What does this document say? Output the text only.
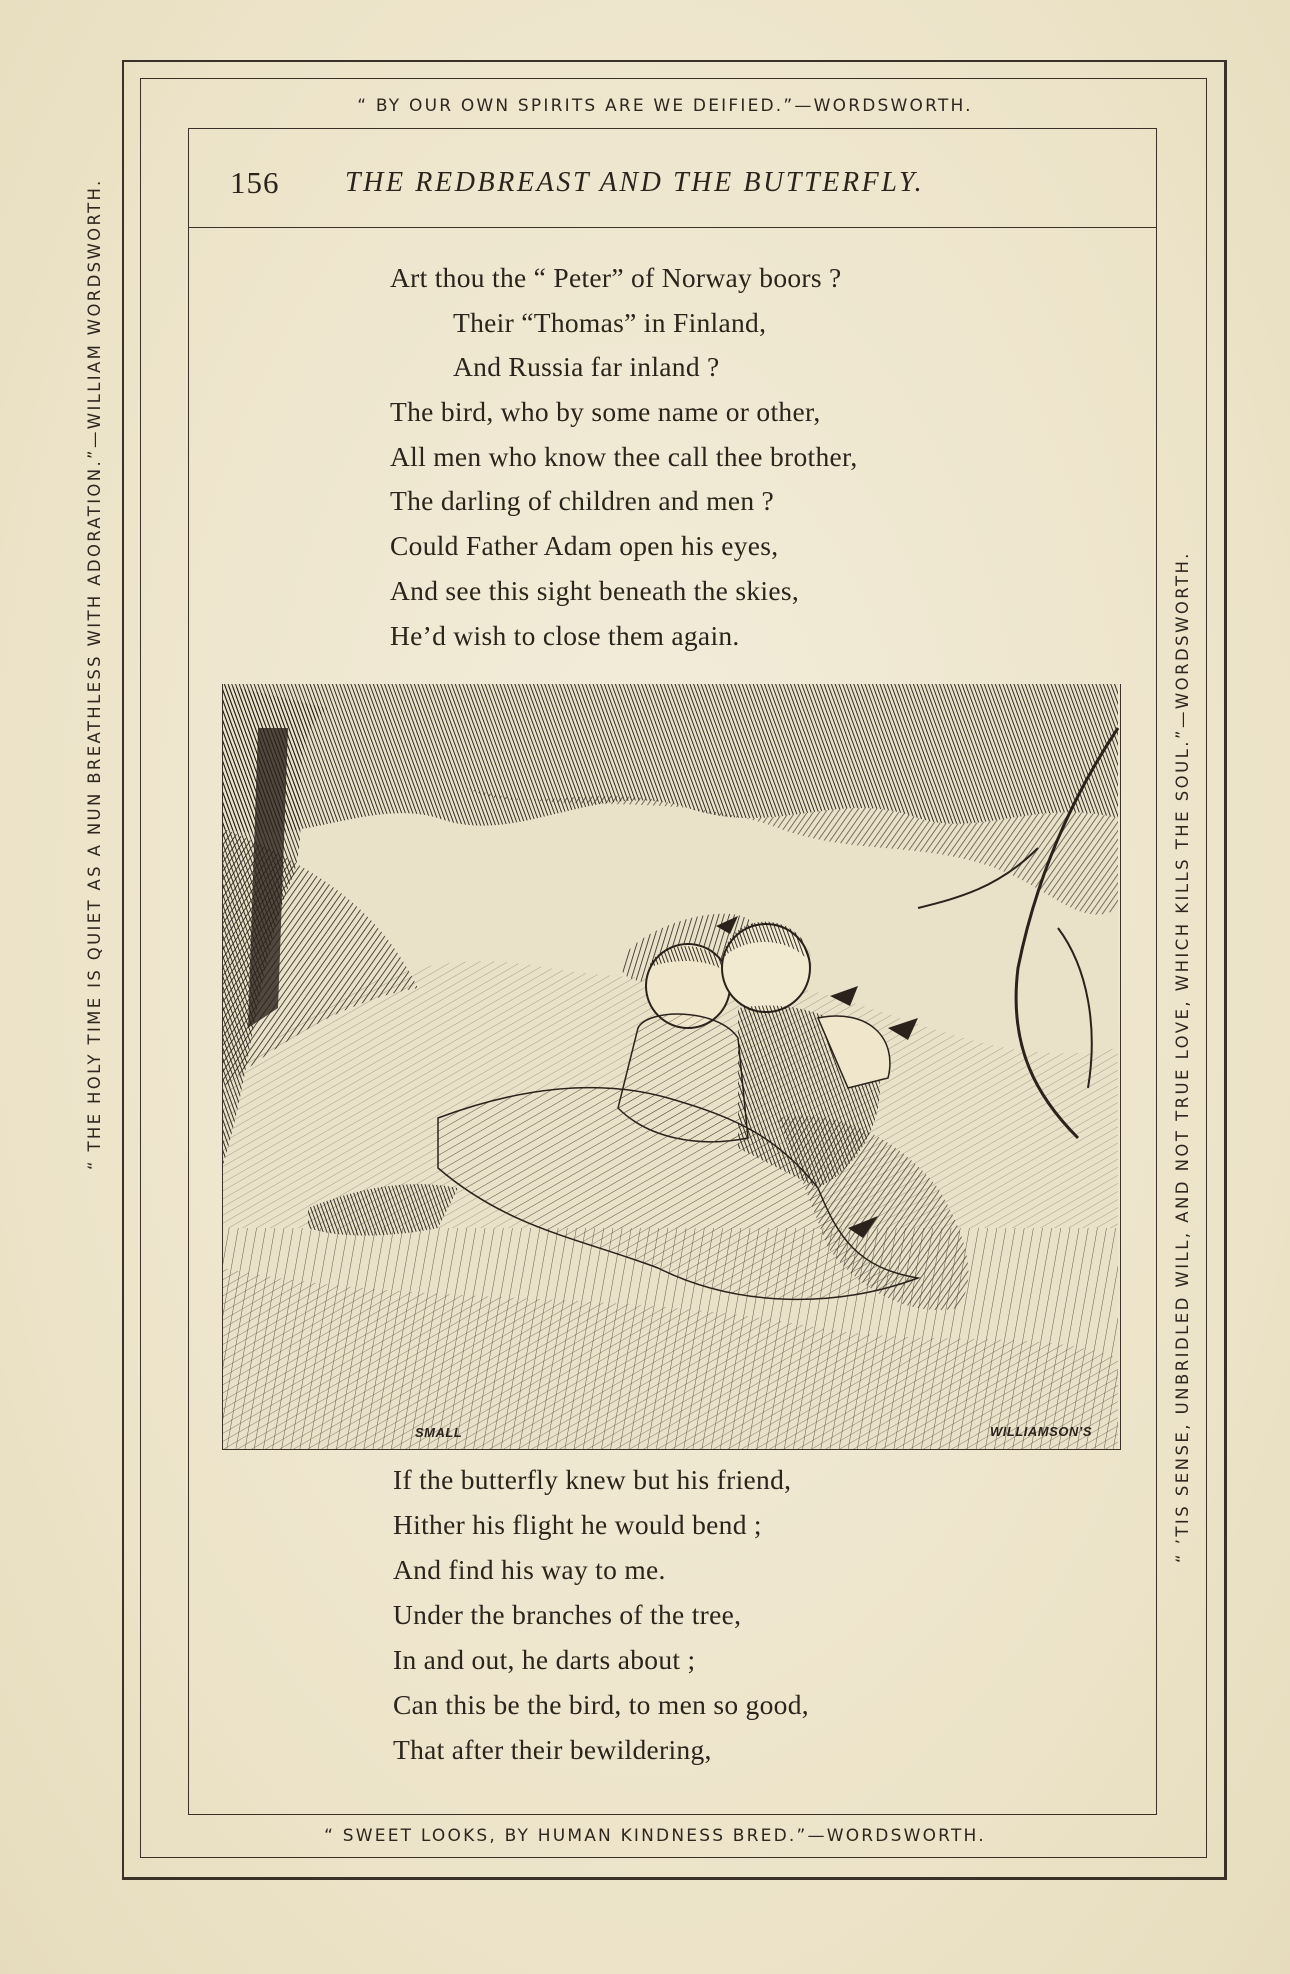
“ BY OUR OWN SPIRITS ARE WE DEIFIED.”—WORDSWORTH.
“ SWEET LOOKS, BY HUMAN KINDNESS BRED.”—WORDSWORTH.
“ THE HOLY TIME IS QUIET AS A NUN BREATHLESS WITH ADORATION.”—WILLIAM WORDSWORTH.	“ ’TIS SENSE, UNBRIDLED WILL, AND NOT TRUE LOVE, WHICH KILLS THE SOUL.”—WORDSWORTH.
156 THE REDBREAST AND THE BUTTERFLY.
Art thou the “ Peter” of Norway boors ?
Their “Thomas” in Finland,
And Russia far inland ?
The bird, who by some name or other,
All men who know thee call thee brother,
The darling of children and men ?
Could Father Adam open his eyes,
And see this sight beneath the skies,
He’d wish to close them again.
SMALL	WILLIAMSON’S
If the butterfly knew but his friend,
Hither his flight he would bend ;
And find his way to me.
Under the branches of the tree,
In and out, he darts about ;
Can this be the bird, to men so good,
That after their bewildering,
